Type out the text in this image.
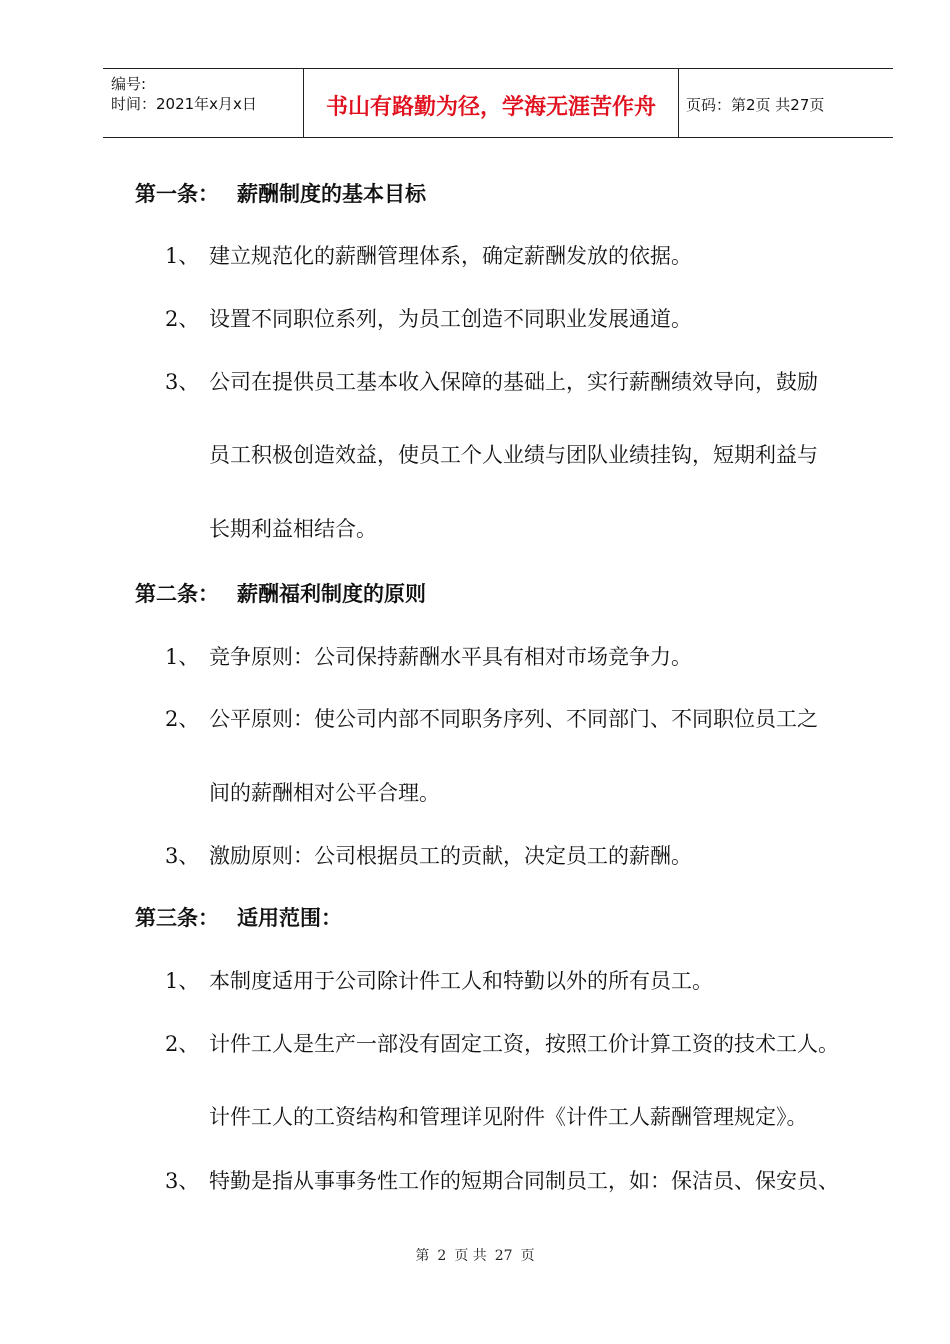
编号:
时间：2021年x月x日	书山有路勤为径，学海无涯苦作舟	页码：第2页 共27页
第一条： 薪酬制度的基本目标
1、 建立规范化的薪酬管理体系，确定薪酬发放的依据。
2、 设置不同职位系列，为员工创造不同职业发展通道。
3、 公司在提供员工基本收入保障的基础上，实行薪酬绩效导向，鼓励
员工积极创造效益，使员工个人业绩与团队业绩挂钩，短期利益与
长期利益相结合。
第二条： 薪酬福利制度的原则
1、 竞争原则：公司保持薪酬水平具有相对市场竞争力。
2、 公平原则：使公司内部不同职务序列、不同部门、不同职位员工之
间的薪酬相对公平合理。
3、 激励原则：公司根据员工的贡献，决定员工的薪酬。
第三条： 适用范围：
1、 本制度适用于公司除计件工人和特勤以外的所有员工。
2、 计件工人是生产一部没有固定工资，按照工价计算工资的技术工人。
计件工人的工资结构和管理详见附件《计件工人薪酬管理规定》。
3、 特勤是指从事事务性工作的短期合同制员工，如：保洁员、保安员、
第 2 页 共 27 页
